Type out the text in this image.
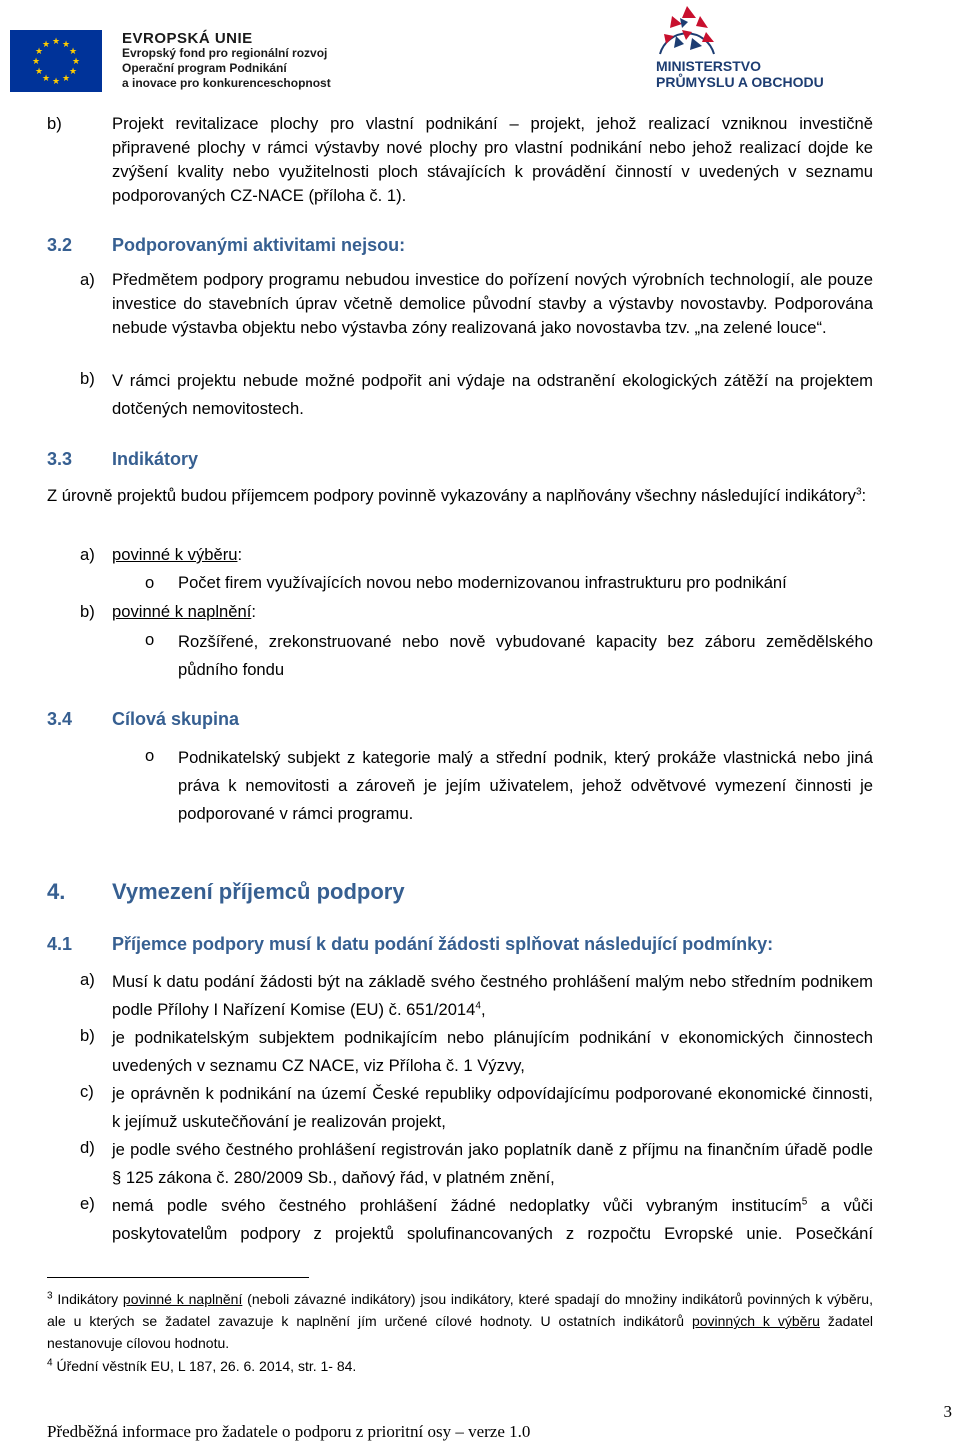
★ ★
★
★
★
★
★
★
★
★
★
★	EVROPSKÁ UNIE
Evropský fond pro regionální rozvoj
Operační program Podnikání
a inovace pro konkurenceschopnost
MINISTERSTVO
PRŮMYSLU A OBCHODU
b)	Projekt revitalizace plochy pro vlastní podnikání – projekt, jehož realizací vzniknou investičně připravené plochy v rámci výstavby nové plochy pro vlastní podnikání nebo jehož realizací dojde ke zvýšení kvality nebo využitelnosti ploch stávajících k provádění činností v uvedených v seznamu podporovaných CZ-NACE (příloha č. 1).
3.2 Podporovanými aktivitami nejsou:
a) Předmětem podpory programu nebudou investice do pořízení nových výrobních technologií, ale pouze investice do stavebních úprav včetně demolice původní stavby a výstavby novostavby. Podporována nebude výstavba objektu nebo výstavba zóny realizovaná jako novostavba tzv. „na zelené louce“.
b) V rámci projektu nebude možné podpořit ani výdaje na odstranění ekologických zátěží na projektem dotčených nemovitostech.
3.3 Indikátory
Z úrovně projektů budou příjemcem podpory povinně vykazovány a naplňovány všechny následující indikátory$^3$:
a) povinné k výběru:
o Počet firem využívajících novou nebo modernizovanou infrastrukturu pro podnikání
b) povinné k naplnění:
o Rozšířené, zrekonstruované nebo nově vybudované kapacity bez záboru zemědělského půdního fondu
3.4 Cílová skupina
o Podnikatelský subjekt z kategorie malý a střední podnik, který prokáže vlastnická nebo jiná práva k nemovitosti a zároveň je jejím uživatelem, jehož odvětvové vymezení činnosti je podporované v rámci programu.
4. Vymezení příjemců podpory
4.1 Příjemce podpory musí k datu podání žádosti splňovat následující podmínky:
a) Musí k datu podání žádosti být na základě svého čestného prohlášení malým nebo středním podnikem podle Přílohy I Nařízení Komise (EU) č. 651/2014$^4$,
b) je podnikatelským subjektem podnikajícím nebo plánujícím podnikání v ekonomických činnostech uvedených v seznamu CZ NACE, viz Příloha č. 1 Výzvy,
c) je oprávněn k podnikání na území České republiky odpovídajícímu podporované ekonomické činnosti, k jejímuž uskutečňování je realizován projekt,
d) je podle svého čestného prohlášení registrován jako poplatník daně z příjmu na finančním úřadě podle § 125 zákona č. 280/2009 Sb., daňový řád, v platném znění,
e) nemá podle svého čestného prohlášení žádné nedoplatky vůči vybraným institucím$^5$ a vůči poskytovatelům podpory z projektů spolufinancovaných z rozpočtu Evropské unie. Posečkání
$^3$ Indikátory povinné k naplnění (neboli závazné indikátory) jsou indikátory, které spadají do množiny indikátorů povinných k výběru, ale u kterých se žadatel zavazuje k naplnění jím určené cílové hodnoty. U ostatních indikátorů povinných k výběru žadatel nestanovuje cílovou hodnotu.
$^4$ Úřední věstník EU, L 187, 26. 6. 2014, str. 1- 84.
Předběžná informace pro žadatele o podporu z prioritní osy – verze 1.0
3
